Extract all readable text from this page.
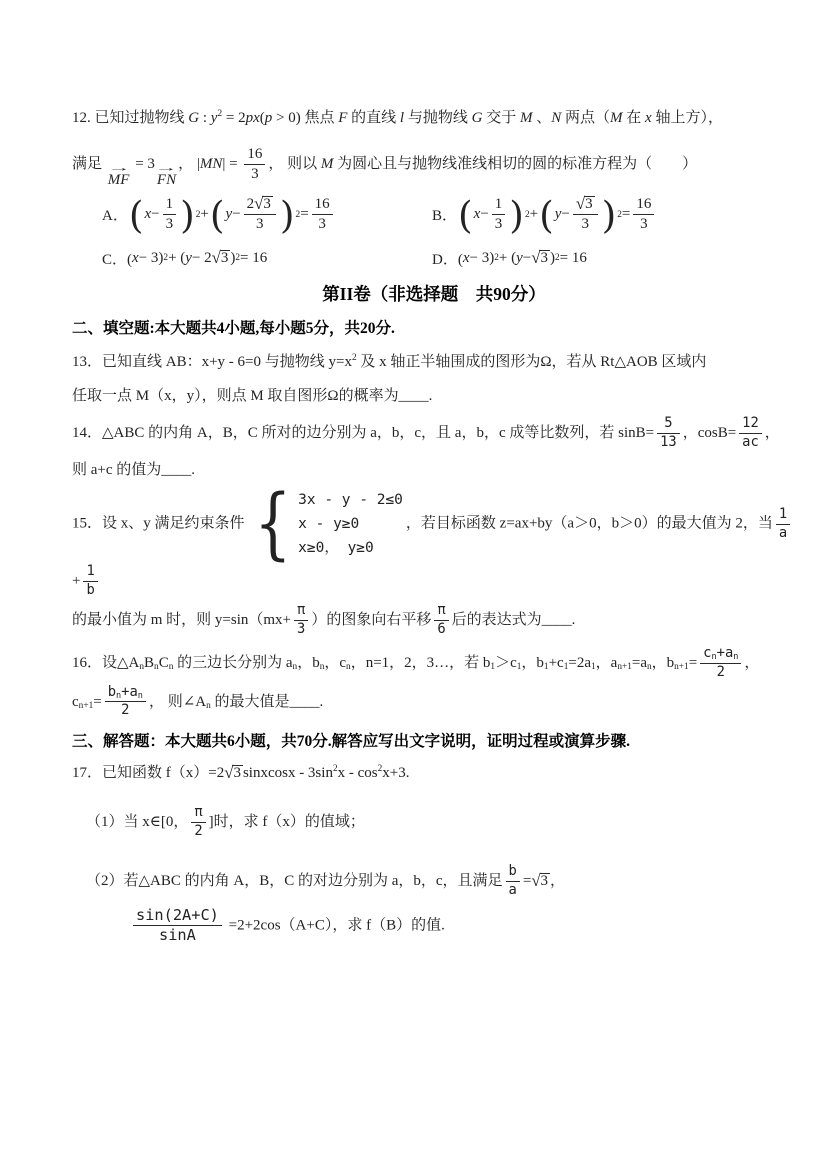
12. 已知过抛物线 G : $y^2 = 2px(p > 0)$ 焦点 F 的直线 l 与抛物线 G 交于 M 、N 两点（M 在 x 轴上方），

满足 →
MF
= 3 →
FN
， $|MN| = \frac{16}{3}$ ， 则以 M 为圆心且与抛物线准线相切的圆的标准方程为（　　）

A． ( $x - \frac{1}{3}$ ) 2 + ( $y - \frac{2 √ 3}{3}$ ) $2 = \frac{16}{3}$	B． ( $x - \frac{1}{3}$ ) 2 + ( $y - \frac{√ 3}{3}$ ) $2 = \frac{16}{3}$
C．( x − 3) 2 + ( y − 2 √ 3 ) 2 = 16	D．( x − 3) 2 + ( y − √ 3 ) 2 = 16
第II卷（非选择题　共90分）
二、填空题:本大题共4小题,每小题5分，共20分.

13．已知直线 AB：x+y - 6=0 与抛物线 $y=x^2$ 及 x 轴正半轴围成的图形为Ω，若从 Rt△AOB 区域内

任取一点 M（x，y），则点 M 取自图形Ω的概率为____.

14．△ABC 的内角 A，B，C 所对的边分别为 a，b，c，且 a，b，c 成等比数列，若 $\sin B= \frac{5}{13}$ ，$\cos B= \frac{12}{ac}$ ，

则 a+c 的值为____.

15．设 x、y 满足约束条件 { 3x - y - 2≤0
x - y≥0
x≥0， y≥0
，若目标函数 z=ax+by（a＞0，b＞0）的最大值为 2，当 $\frac{1}{a}$
+ $\frac{1}{b}$

的最小值为 m 时，则 $y=\sin(mx+ \frac{\pi}{3}$ ）的图象向右平移 $\frac{\pi}{6}$ 后的表达式为____.

16．设$\triangle A_nB_nC_n$ 的三边长分别为 $a_n$，$b_n$，$c_n$，n=1，2，3…，若 $b_1>c_1$，$b_1+c_1=2a_1$，$a_{n+1}=a_n$，$b_{n+1}= \frac{c_n+a_n}{2}$ ，

$c_{n+1}= \frac{b_n+a_n}{2}$ ， 则$\angle A_n$ 的最大值是____.

三、解答题：本大题共6小题，共70分.解答应写出文字说明，证明过程或演算步骤.

17．已知函数 f（x）=2 √ 3 sinxcosx - $3\sin^2x - \cos^2x+3$.

（1）当 x∈[0， $\frac{\pi}{2}$ ]时，求 f（x）的值域；

（2）若△ABC 的内角 A，B，C 的对边分别为 a，b，c，且满足 $\frac{b}{a}$ = √ 3 ，

$\frac{\sin(2A+C)}{\sin A} =2+2\cos(A+C)$，求 f（B）的值.
